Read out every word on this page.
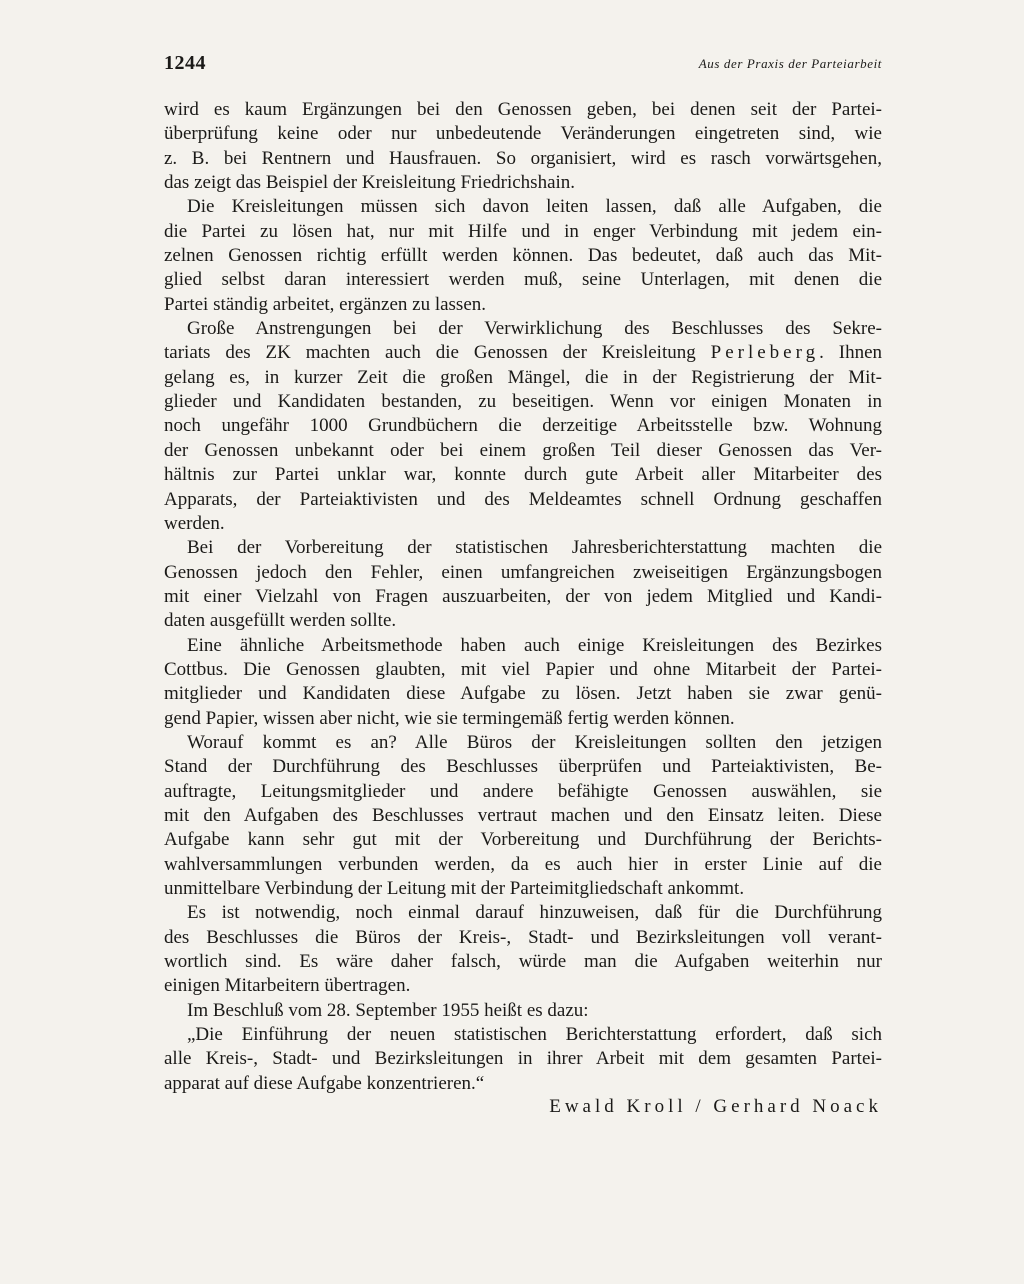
1244	Aus der Praxis der Parteiarbeit
wird es kaum Ergänzungen bei den Genossen geben, bei denen seit der Partei-
überprüfung keine oder nur unbedeutende Veränderungen eingetreten sind, wie
z. B. bei Rentnern und Hausfrauen. So organisiert, wird es rasch vorwärtsgehen,
das zeigt das Beispiel der Kreisleitung Friedrichshain.
Die Kreisleitungen müssen sich davon leiten lassen, daß alle Aufgaben, die
die Partei zu lösen hat, nur mit Hilfe und in enger Verbindung mit jedem ein-
zelnen Genossen richtig erfüllt werden können. Das bedeutet, daß auch das Mit-
glied selbst daran interessiert werden muß, seine Unterlagen, mit denen die
Partei ständig arbeitet, ergänzen zu lassen.
Große Anstrengungen bei der Verwirklichung des Beschlusses des Sekre-
tariats des ZK machten auch die Genossen der Kreisleitung Perleberg. Ihnen
gelang es, in kurzer Zeit die großen Mängel, die in der Registrierung der Mit-
glieder und Kandidaten bestanden, zu beseitigen. Wenn vor einigen Monaten in
noch ungefähr 1000 Grundbüchern die derzeitige Arbeitsstelle bzw. Wohnung
der Genossen unbekannt oder bei einem großen Teil dieser Genossen das Ver-
hältnis zur Partei unklar war, konnte durch gute Arbeit aller Mitarbeiter des
Apparats, der Parteiaktivisten und des Meldeamtes schnell Ordnung geschaffen
werden.
Bei der Vorbereitung der statistischen Jahresberichterstattung machten die
Genossen jedoch den Fehler, einen umfangreichen zweiseitigen Ergänzungsbogen
mit einer Vielzahl von Fragen auszuarbeiten, der von jedem Mitglied und Kandi-
daten ausgefüllt werden sollte.
Eine ähnliche Arbeitsmethode haben auch einige Kreisleitungen des Bezirkes
Cottbus. Die Genossen glaubten, mit viel Papier und ohne Mitarbeit der Partei-
mitglieder und Kandidaten diese Aufgabe zu lösen. Jetzt haben sie zwar genü-
gend Papier, wissen aber nicht, wie sie termingemäß fertig werden können.
Worauf kommt es an? Alle Büros der Kreisleitungen sollten den jetzigen
Stand der Durchführung des Beschlusses überprüfen und Parteiaktivisten, Be-
auftragte, Leitungsmitglieder und andere befähigte Genossen auswählen, sie
mit den Aufgaben des Beschlusses vertraut machen und den Einsatz leiten. Diese
Aufgabe kann sehr gut mit der Vorbereitung und Durchführung der Berichts-
wahlversammlungen verbunden werden, da es auch hier in erster Linie auf die
unmittelbare Verbindung der Leitung mit der Parteimitgliedschaft ankommt.
Es ist notwendig, noch einmal darauf hinzuweisen, daß für die Durchführung
des Beschlusses die Büros der Kreis-, Stadt- und Bezirksleitungen voll verant-
wortlich sind. Es wäre daher falsch, würde man die Aufgaben weiterhin nur
einigen Mitarbeitern übertragen.
Im Beschluß vom 28. September 1955 heißt es dazu:
„Die Einführung der neuen statistischen Berichterstattung erfordert, daß sich
alle Kreis-, Stadt- und Bezirksleitungen in ihrer Arbeit mit dem gesamten Partei-
apparat auf diese Aufgabe konzentrieren.“
Ewald Kroll / Gerhard Noack
